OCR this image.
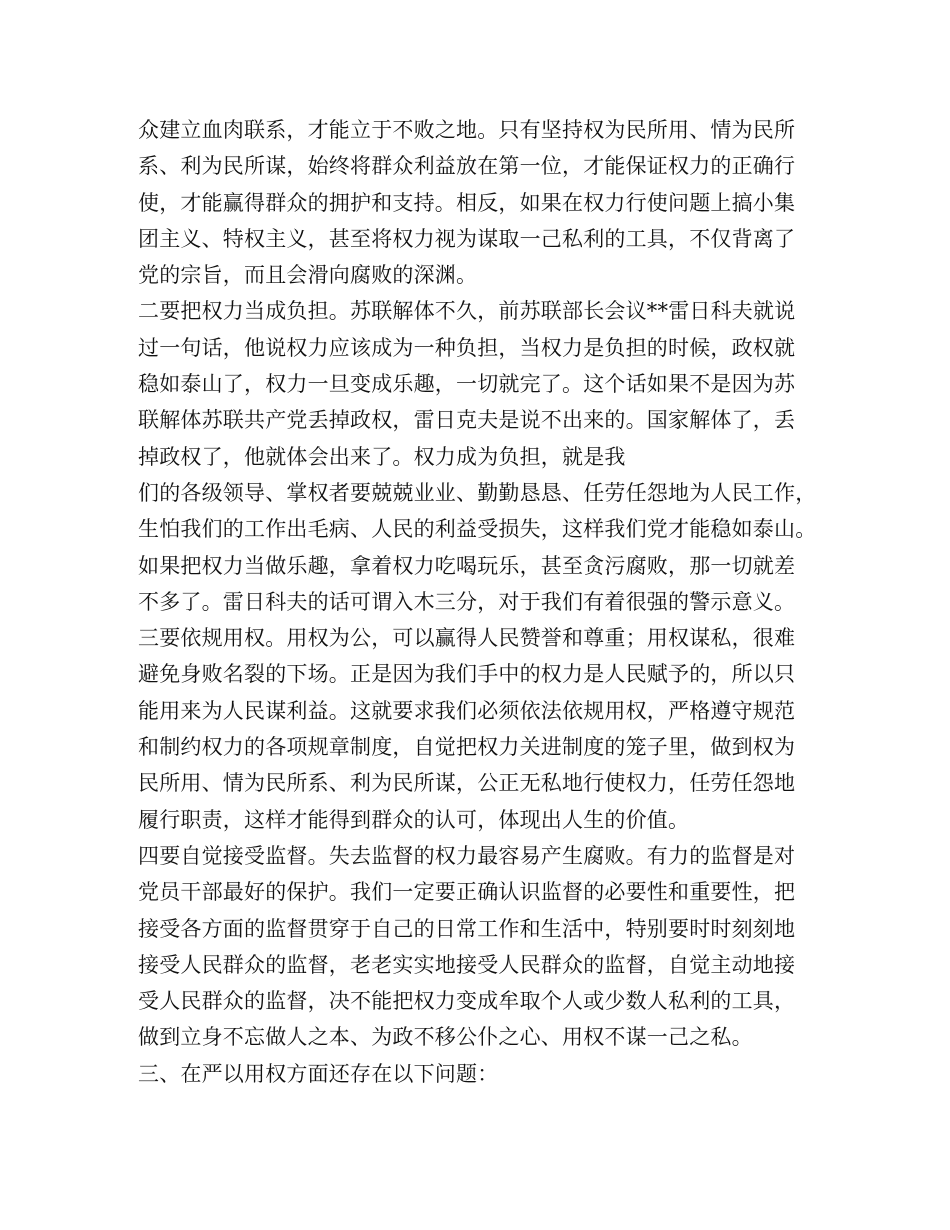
众建立血肉联系，才能立于不败之地。只有坚持权为民所用、情为民所
系、利为民所谋，始终将群众利益放在第一位，才能保证权力的正确行
使，才能赢得群众的拥护和支持。相反，如果在权力行使问题上搞小集
团主义、特权主义，甚至将权力视为谋取一己私利的工具，不仅背离了
党的宗旨，而且会滑向腐败的深渊。
二要把权力当成负担。苏联解体不久，前苏联部长会议**雷日科夫就说
过一句话，他说权力应该成为一种负担，当权力是负担的时候，政权就
稳如泰山了，权力一旦变成乐趣，一切就完了。这个话如果不是因为苏
联解体苏联共产党丢掉政权，雷日克夫是说不出来的。国家解体了，丢
掉政权了，他就体会出来了。权力成为负担，就是我
们的各级领导、掌权者要兢兢业业、勤勤恳恳、任劳任怨地为人民工作，
生怕我们的工作出毛病、人民的利益受损失，这样我们党才能稳如泰山。
如果把权力当做乐趣，拿着权力吃喝玩乐，甚至贪污腐败，那一切就差
不多了。雷日科夫的话可谓入木三分，对于我们有着很强的警示意义。
三要依规用权。用权为公，可以赢得人民赞誉和尊重；用权谋私，很难
避免身败名裂的下场。正是因为我们手中的权力是人民赋予的，所以只
能用来为人民谋利益。这就要求我们必须依法依规用权，严格遵守规范
和制约权力的各项规章制度，自觉把权力关进制度的笼子里，做到权为
民所用、情为民所系、利为民所谋，公正无私地行使权力，任劳任怨地
履行职责，这样才能得到群众的认可，体现出人生的价值。
四要自觉接受监督。失去监督的权力最容易产生腐败。有力的监督是对
党员干部最好的保护。我们一定要正确认识监督的必要性和重要性，把
接受各方面的监督贯穿于自己的日常工作和生活中，特别要时时刻刻地
接受人民群众的监督，老老实实地接受人民群众的监督，自觉主动地接
受人民群众的监督，决不能把权力变成牟取个人或少数人私利的工具，
做到立身不忘做人之本、为政不移公仆之心、用权不谋一己之私。
三、在严以用权方面还存在以下问题：
